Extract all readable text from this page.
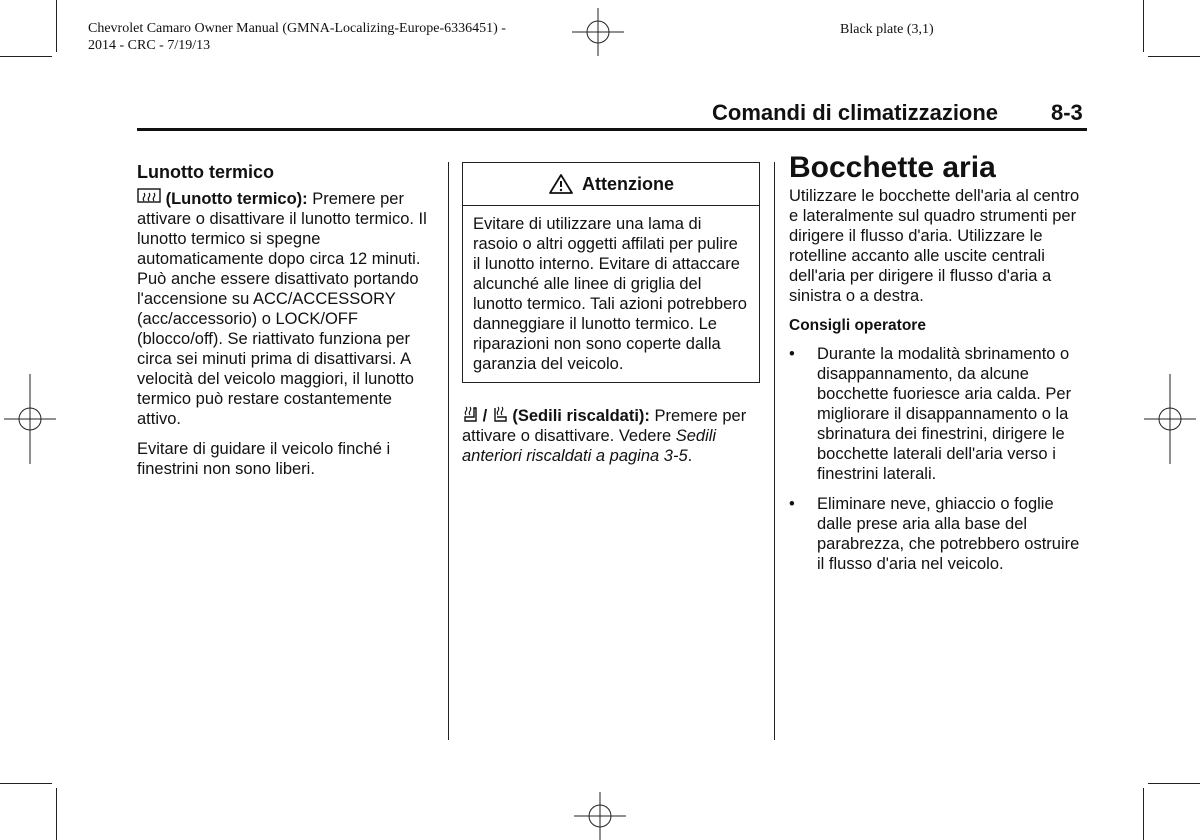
Chevrolet Camaro Owner Manual (GMNA-Localizing-Europe-6336451) -
2014 - CRC - 7/19/13
Black plate (3,1)
Comandi di climatizzazione 8-3
Lunotto termico

(Lunotto termico): Premere per attivare o disattivare il lunotto termico. Il lunotto termico si spegne automaticamente dopo circa 12 minuti. Può anche essere disattivato portando l'accensione su ACC/ACCESSORY (acc/accessorio) o LOCK/OFF (blocco/off). Se riattivato funziona per circa sei minuti prima di disattivarsi. A velocità del veicolo maggiori, il lunotto termico può restare costantemente attivo.

Evitare di guidare il veicolo finché i finestrini non sono liberi.

Attenzione
Evitare di utilizzare una lama di rasoio o altri oggetti affilati per pulire il lunotto interno. Evitare di attaccare alcunché alle linee di griglia del lunotto termico. Tali azioni potrebbero danneggiare il lunotto termico. Le riparazioni non sono coperte dalla garanzia del veicolo.

/ (Sedili riscaldati): Premere per attivare o disattivare. Vedere Sedili anteriori riscaldati a pagina 3-5.

Bocchette aria

Utilizzare le bocchette dell'aria al centro e lateralmente sul quadro strumenti per dirigere il flusso d'aria. Utilizzare le rotelline accanto alle uscite centrali dell'aria per dirigere il flusso d'aria a sinistra o a destra.

Consigli operatore
• Durante la modalità sbrinamento o disappannamento, da alcune bocchette fuoriesce aria calda. Per migliorare il disappannamento o la sbrinatura dei finestrini, dirigere le bocchette laterali dell'aria verso i finestrini laterali.
• Eliminare neve, ghiaccio o foglie dalle prese aria alla base del parabrezza, che potrebbero ostruire il flusso d'aria nel veicolo.
